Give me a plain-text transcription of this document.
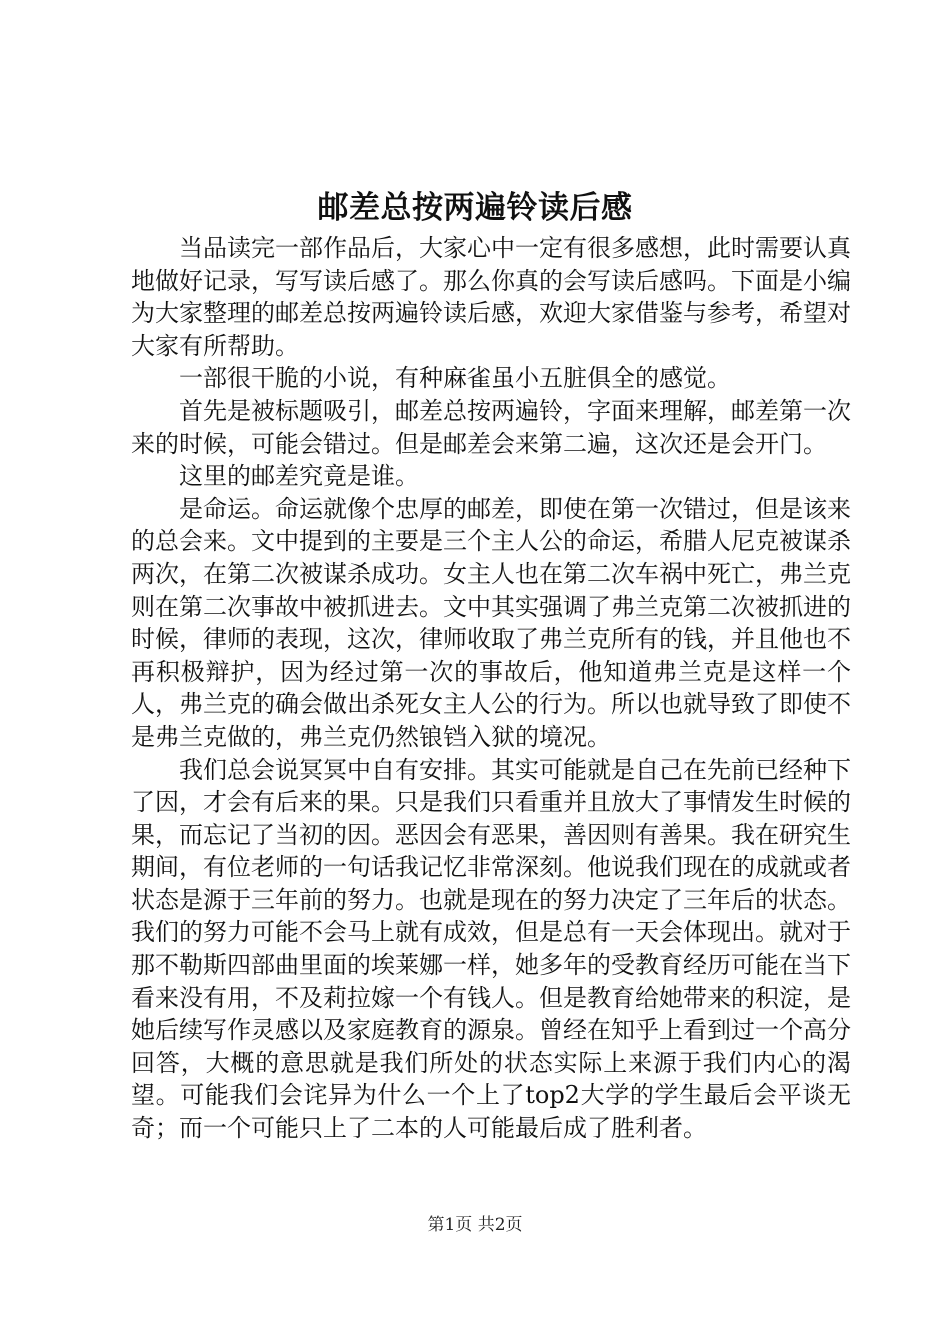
邮差总按两遍铃读后感

当品读完一部作品后，大家心中一定有很多感想，此时需要认真地做好记录，写写读后感了。那么你真的会写读后感吗。下面是小编为大家整理的邮差总按两遍铃读后感，欢迎大家借鉴与参考，希望对大家有所帮助。

一部很干脆的小说，有种麻雀虽小五脏俱全的感觉。

首先是被标题吸引，邮差总按两遍铃，字面来理解，邮差第一次来的时候，可能会错过。但是邮差会来第二遍，这次还是会开门。

这里的邮差究竟是谁。

是命运。命运就像个忠厚的邮差，即使在第一次错过，但是该来的总会来。文中提到的主要是三个主人公的命运，希腊人尼克被谋杀两次，在第二次被谋杀成功。女主人也在第二次车祸中死亡，弗兰克则在第二次事故中被抓进去。文中其实强调了弗兰克第二次被抓进的时候，律师的表现，这次，律师收取了弗兰克所有的钱，并且他也不再积极辩护，因为经过第一次的事故后，他知道弗兰克是这样一个人，弗兰克的确会做出杀死女主人公的行为。所以也就导致了即使不是弗兰克做的，弗兰克仍然锒铛入狱的境况。

我们总会说冥冥中自有安排。其实可能就是自己在先前已经种下了因，才会有后来的果。只是我们只看重并且放大了事情发生时候的果，而忘记了当初的因。恶因会有恶果，善因则有善果。我在研究生期间，有位老师的一句话我记忆非常深刻。他说我们现在的成就或者状态是源于三年前的努力。也就是现在的努力决定了三年后的状态。我们的努力可能不会马上就有成效，但是总有一天会体现出。就对于那不勒斯四部曲里面的埃莱娜一样，她多年的受教育经历可能在当下看来没有用，不及莉拉嫁一个有钱人。但是教育给她带来的积淀，是她后续写作灵感以及家庭教育的源泉。曾经在知乎上看到过一个高分回答，大概的意思就是我们所处的状态实际上来源于我们内心的渴望。可能我们会诧异为什么一个上了top2大学的学生最后会平谈无奇；而一个可能只上了二本的人可能最后成了胜利者。

第1页 共2页
